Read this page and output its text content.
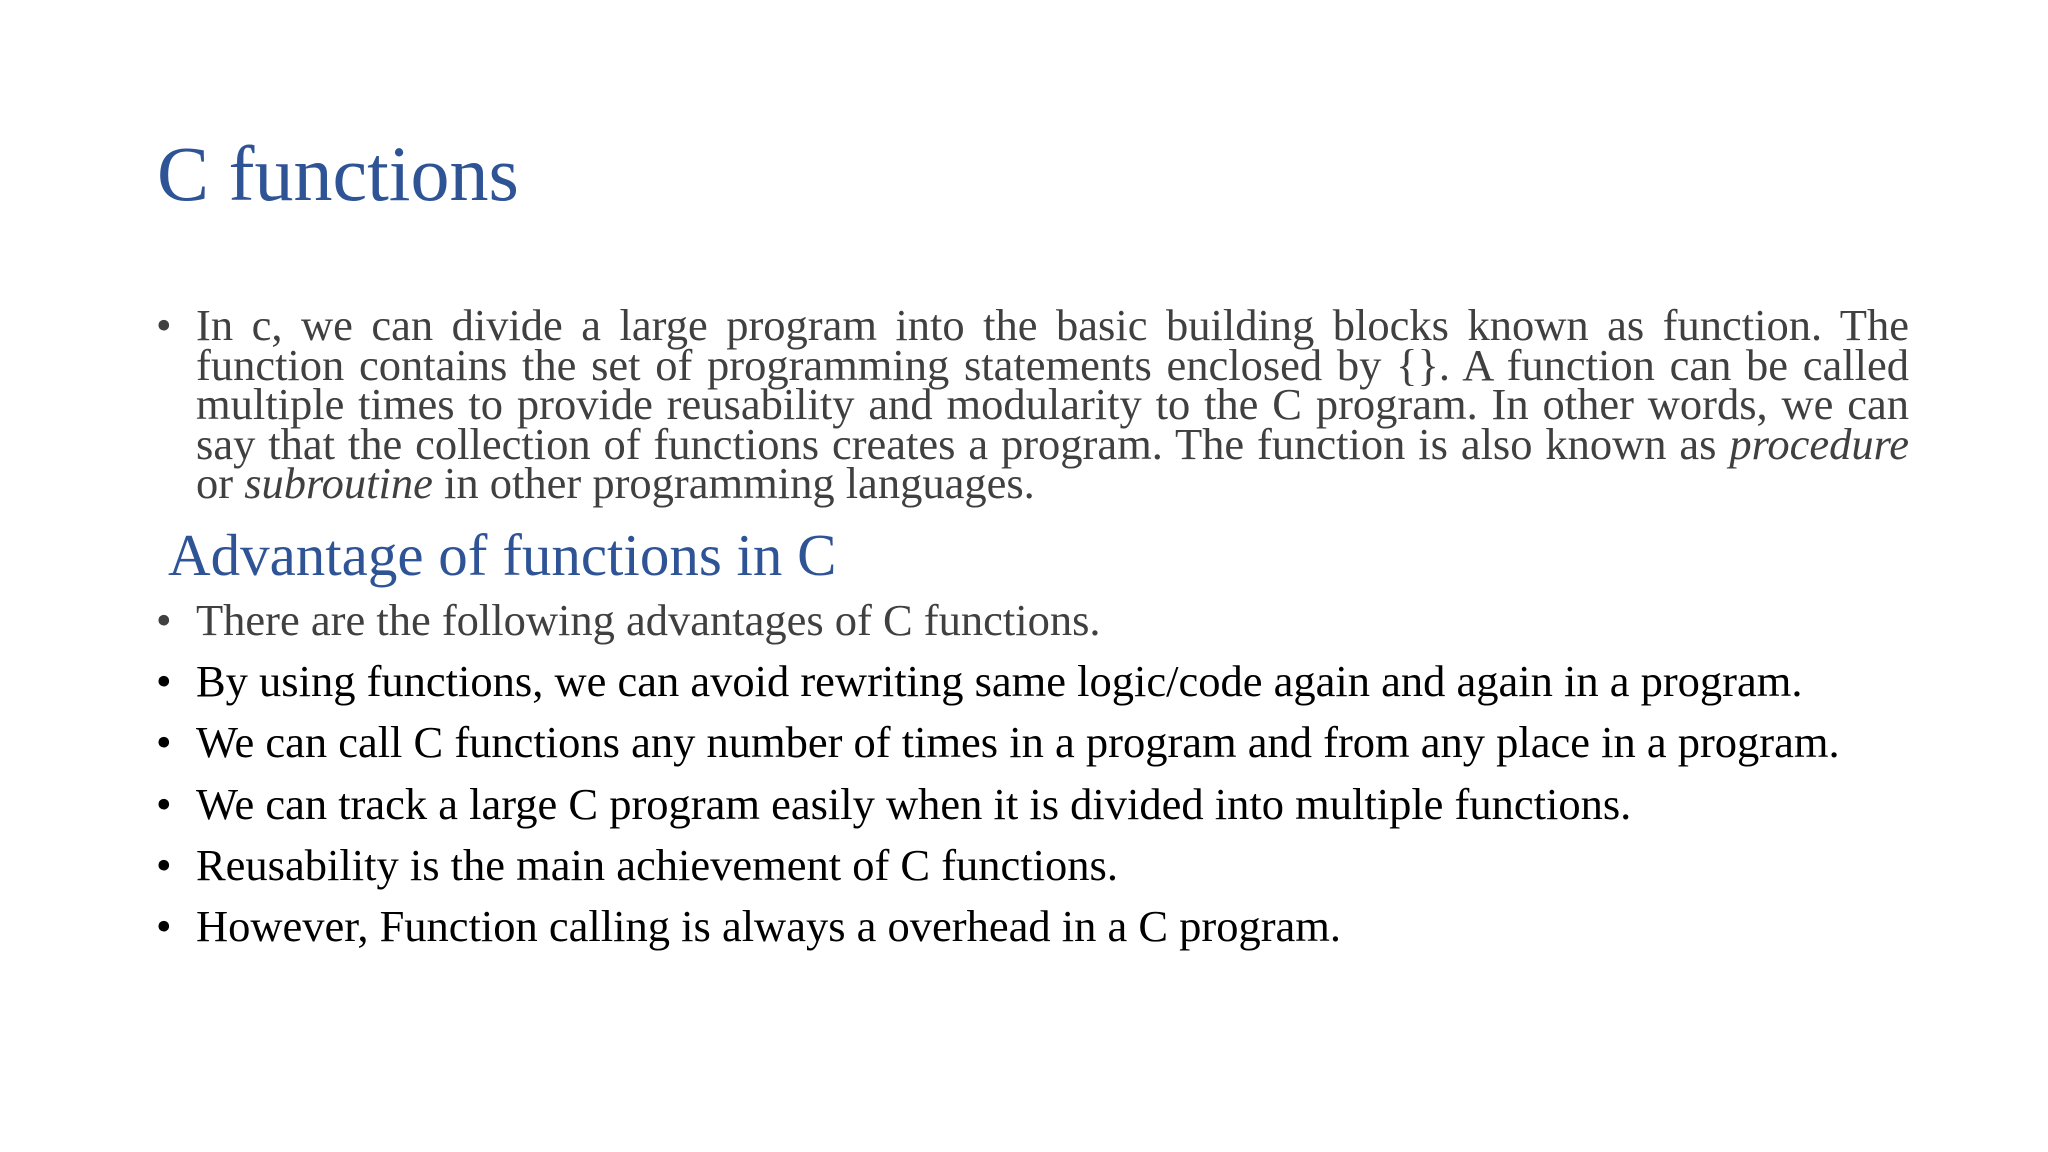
C functions
• In c, we can divide a large program into the basic building blocks known as function. The function contains the set of programming statements enclosed by {}. A function can be called multiple times to provide reusability and modularity to the C program. In other words, we can say that the collection of functions creates a program. The function is also known as procedure or subroutine in other programming languages.
Advantage of functions in C
• There are the following advantages of C functions.
• By using functions, we can avoid rewriting same logic/code again and again in a program.
• We can call C functions any number of times in a program and from any place in a program.
• We can track a large C program easily when it is divided into multiple functions.
• Reusability is the main achievement of C functions.
• However, Function calling is always a overhead in a C program.
